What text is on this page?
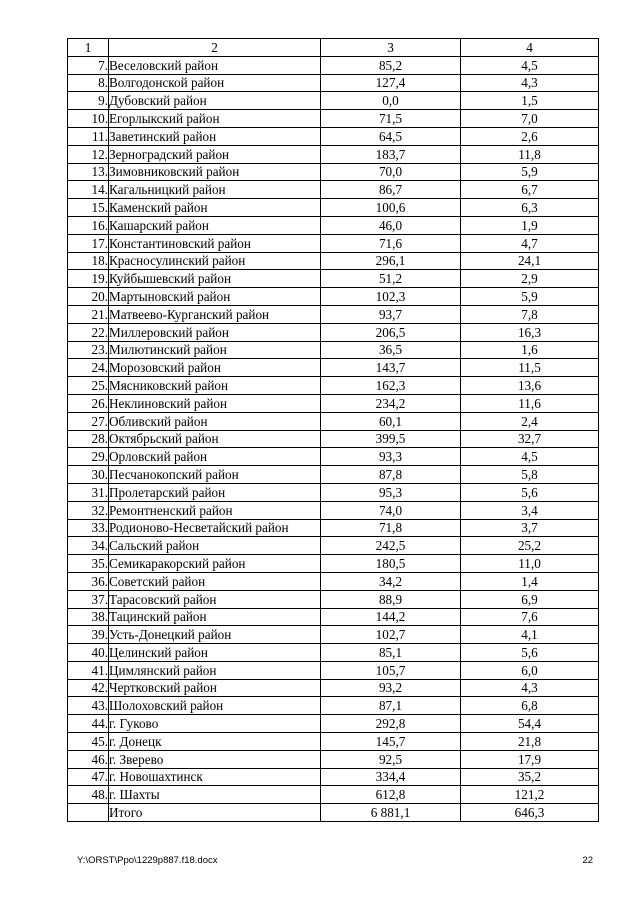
1	2	3	4
7.	Веселовский район	85,2	4,5
8.	Волгодонской район	127,4	4,3
9.	Дубовский район	0,0	1,5
10.	Егорлыкский район	71,5	7,0
11.	Заветинский район	64,5	2,6
12.	Зерноградский район	183,7	11,8
13.	Зимовниковский район	70,0	5,9
14.	Кагальницкий район	86,7	6,7
15.	Каменский район	100,6	6,3
16.	Кашарский район	46,0	1,9
17.	Константиновский район	71,6	4,7
18.	Красносулинский район	296,1	24,1
19.	Куйбышевский район	51,2	2,9
20.	Мартыновский район	102,3	5,9
21.	Матвеево-Курганский район	93,7	7,8
22.	Миллеровский район	206,5	16,3
23.	Милютинский район	36,5	1,6
24.	Морозовский район	143,7	11,5
25.	Мясниковский район	162,3	13,6
26.	Неклиновский район	234,2	11,6
27.	Обливский район	60,1	2,4
28.	Октябрьский район	399,5	32,7
29.	Орловский район	93,3	4,5
30.	Песчанокопский район	87,8	5,8
31.	Пролетарский район	95,3	5,6
32.	Ремонтненский район	74,0	3,4
33.	Родионово-Несветайский район	71,8	3,7
34.	Сальский район	242,5	25,2
35.	Семикаракорский район	180,5	11,0
36.	Советский район	34,2	1,4
37.	Тарасовский район	88,9	6,9
38.	Тацинский район	144,2	7,6
39.	Усть-Донецкий район	102,7	4,1
40.	Целинский район	85,1	5,6
41.	Цимлянский район	105,7	6,0
42.	Чертковский район	93,2	4,3
43.	Шолоховский район	87,1	6,8
44.	г. Гуково	292,8	54,4
45.	г. Донецк	145,7	21,8
46.	г. Зверево	92,5	17,9
47.	г. Новошахтинск	334,4	35,2
48.	г. Шахты	612,8	121,2
	Итого	6 881,1	646,3
Y:\ORST\Ppo\1229p887.f18.docx	22
